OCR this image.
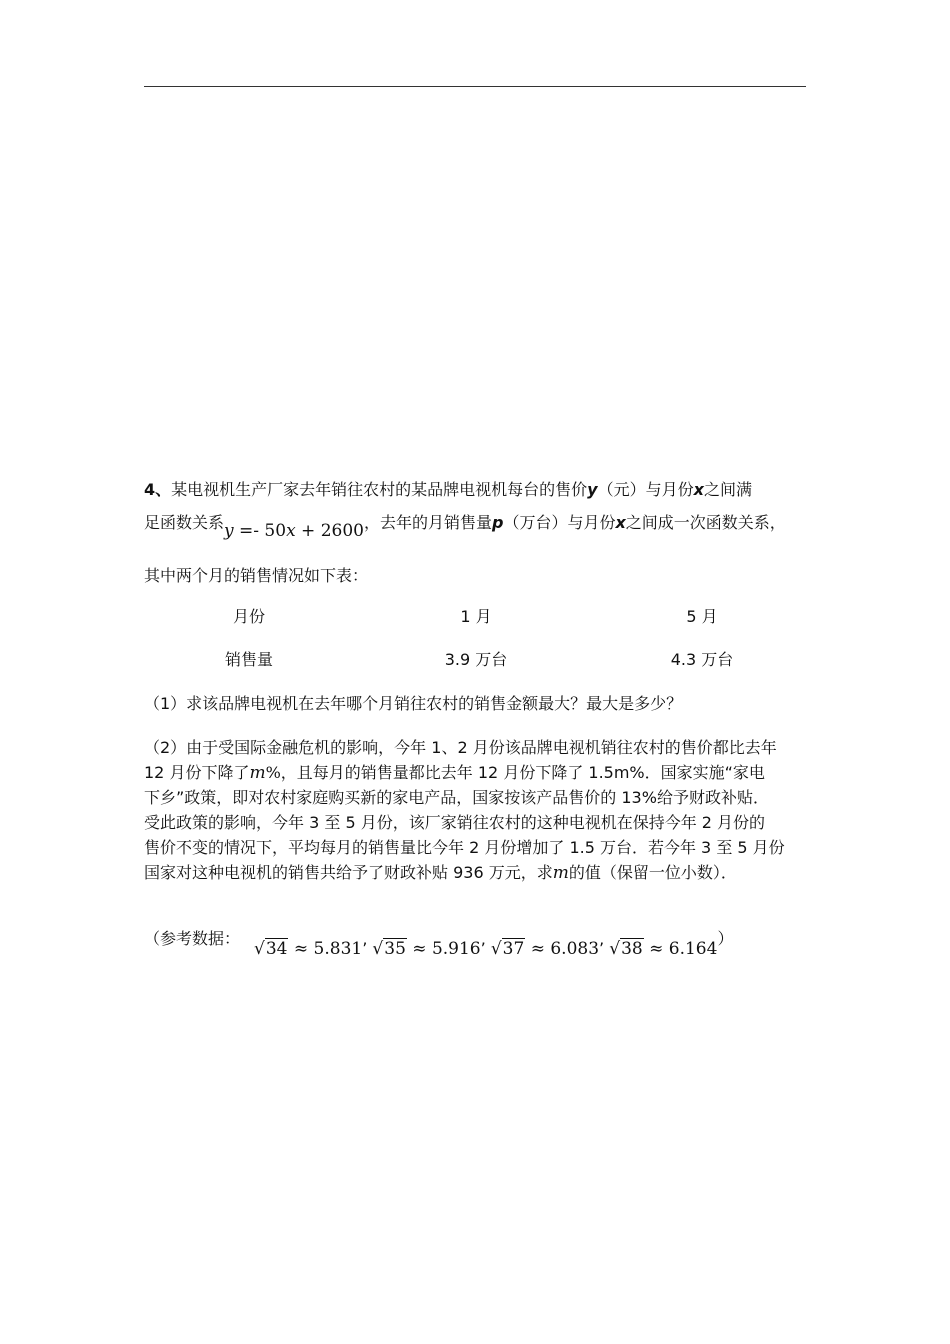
4、某电视机生产厂家去年销往农村的某品牌电视机每台的售价y（元）与月份x之间满
足函数关系y =- 50x + 2600，去年的月销售量p（万台）与月份x之间成一次函数关系，
其中两个月的销售情况如下表：
月份	1 月	5 月
销售量	3.9 万台	4.3 万台
（1）求该品牌电视机在去年哪个月销往农村的销售金额最大？最大是多少？
（2）由于受国际金融危机的影响，今年 1、2 月份该品牌电视机销往农村的售价都比去年
12 月份下降了m%，且每月的销售量都比去年 12 月份下降了 1.5m%．国家实施“家电
下乡”政策，即对农村家庭购买新的家电产品，国家按该产品售价的 13%给予财政补贴．
受此政策的影响，今年 3 至 5 月份，该厂家销往农村的这种电视机在保持今年 2 月份的
售价不变的情况下，平均每月的销售量比今年 2 月份增加了 1.5 万台．若今年 3 至 5 月份
国家对这种电视机的销售共给予了财政补贴 936 万元，求m的值（保留一位小数）．
（参考数据：
√34 ≈ 5.831’ √35 ≈ 5.916’ √37 ≈ 6.083’ √38 ≈ 6.164）
